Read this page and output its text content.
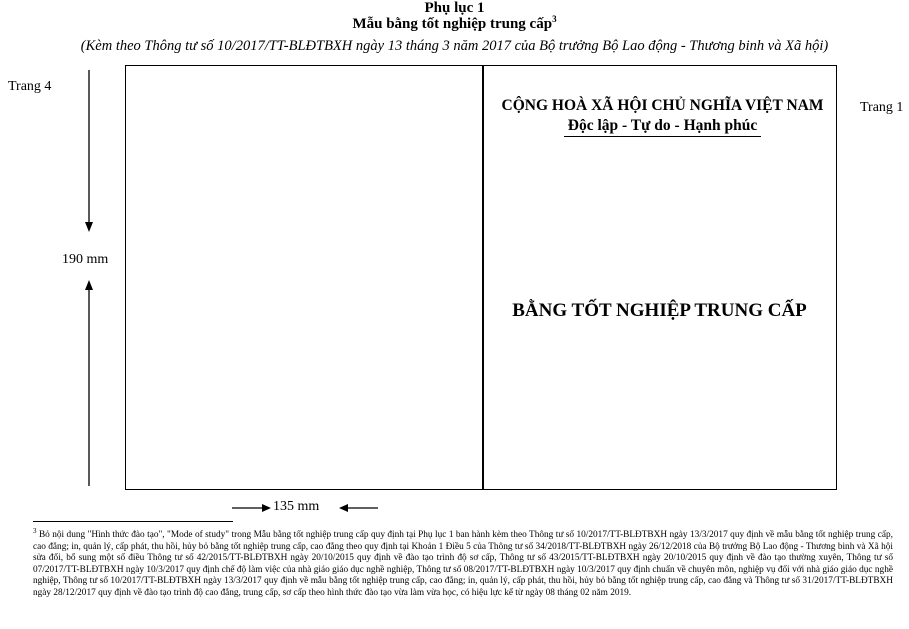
Phụ lục 1
Mẫu bằng tốt nghiệp trung cấp$^3$
(Kèm theo Thông tư số 10/2017/TT-BLĐTBXH ngày 13 tháng 3 năm 2017 của Bộ trưởng Bộ Lao động - Thương binh và Xã hội)
Trang 4
Trang 1
190 mm
135 mm
CỘNG HOÀ XÃ HỘI CHỦ NGHĨA VIỆT NAM
Độc lập - Tự do - Hạnh phúc
BẰNG TỐT NGHIỆP TRUNG CẤP
$^3$ Bỏ nội dung "Hình thức đào tạo", "Mode of study" trong Mẫu bằng tốt nghiệp trung cấp quy định tại Phụ lục 1 ban hành kèm theo Thông tư số 10/2017/TT-BLĐTBXH ngày 13/3/2017 quy định về mẫu bằng tốt nghiệp trung cấp, cao đẳng; in, quản lý, cấp phát, thu hồi, hủy bỏ bằng tốt nghiệp trung cấp, cao đẳng theo quy định tại Khoản 1 Điều 5 của Thông tư số 34/2018/TT-BLĐTBXH ngày 26/12/2018 của Bộ trưởng Bộ Lao động - Thương binh và Xã hội sửa đổi, bổ sung một số điều Thông tư số 42/2015/TT-BLĐTBXH ngày 20/10/2015 quy định về đào tạo trình độ sơ cấp, Thông tư số 43/2015/TT-BLĐTBXH ngày 20/10/2015 quy định về đào tạo thường xuyên, Thông tư số 07/2017/TT-BLĐTBXH ngày 10/3/2017 quy định chế độ làm việc của nhà giáo giáo dục nghề nghiệp, Thông tư số 08/2017/TT-BLĐTBXH ngày 10/3/2017 quy định chuẩn về chuyên môn, nghiệp vụ đối với nhà giáo giáo dục nghề nghiệp, Thông tư số 10/2017/TT-BLĐTBXH ngày 13/3/2017 quy định về mẫu bằng tốt nghiệp trung cấp, cao đẳng; in, quản lý, cấp phát, thu hồi, hủy bỏ bằng tốt nghiệp trung cấp, cao đẳng và Thông tư số 31/2017/TT-BLĐTBXH ngày 28/12/2017 quy định về đào tạo trình độ cao đẳng, trung cấp, sơ cấp theo hình thức đào tạo vừa làm vừa học, có hiệu lực kể từ ngày 08 tháng 02 năm 2019.
